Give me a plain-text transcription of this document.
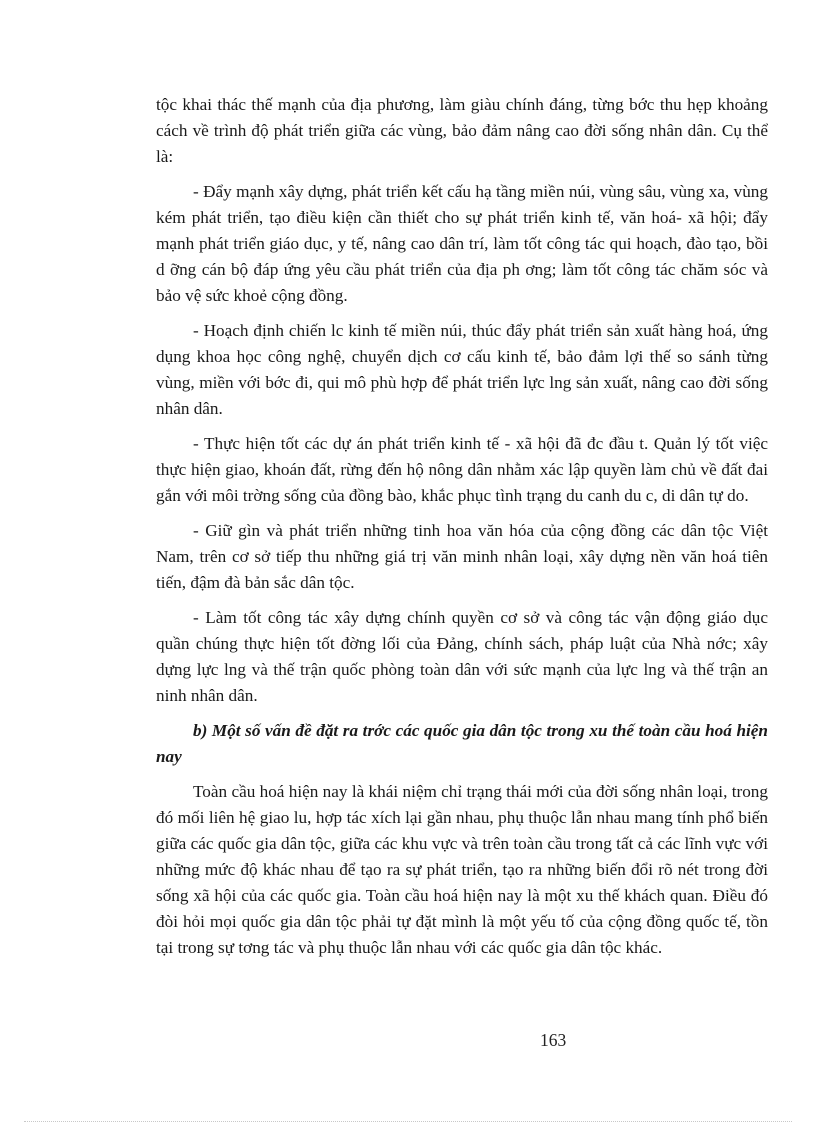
tộc khai thác thế mạnh của địa phương, làm giàu chính đáng, từng bớc thu hẹp khoảng cách về trình độ phát triển giữa các vùng, bảo đảm nâng cao đời sống nhân dân. Cụ thể là:

- Đẩy mạnh xây dựng, phát triển kết cấu hạ tầng miền núi, vùng sâu, vùng xa, vùng kém phát triển, tạo điều kiện cần thiết cho sự phát triển kinh tế, văn hoá- xã hội; đẩy mạnh phát triển giáo dục, y tế, nâng cao dân trí, làm tốt công tác qui hoạch, đào tạo, bồi d ỡng cán bộ đáp ứng yêu cầu phát triển của địa ph ơng; làm tốt công tác chăm sóc và bảo vệ sức khoẻ cộng đồng.

- Hoạch định chiến lc kinh tế miền núi, thúc đẩy phát triển sản xuất hàng hoá, ứng dụng khoa học công nghệ, chuyển dịch cơ cấu kinh tế, bảo đảm lợi thế so sánh từng vùng, miền với bớc đi, qui mô phù hợp để phát triển lực lng sản xuất, nâng cao đời sống nhân dân.

- Thực hiện tốt các dự án phát triển kinh tế - xã hội đã đc đầu t. Quản lý tốt việc thực hiện giao, khoán đất, rừng đến hộ nông dân nhằm xác lập quyền làm chủ về đất đai gắn với môi trờng sống của đồng bào, khắc phục tình trạng du canh du c, di dân tự do.

- Giữ gìn và phát triển những tinh hoa văn hóa của cộng đồng các dân tộc Việt Nam, trên cơ sở tiếp thu những giá trị văn minh nhân loại, xây dựng nền văn hoá tiên tiến, đậm đà bản sắc dân tộc.

- Làm tốt công tác xây dựng chính quyền cơ sở và công tác vận động giáo dục quần chúng thực hiện tốt đờng lối của Đảng, chính sách, pháp luật của Nhà nớc; xây dựng lực lng và thế trận quốc phòng toàn dân với sức mạnh của lực lng và thế trận an ninh nhân dân.

b) Một số vấn đề đặt ra trớc các quốc gia dân tộc trong xu thế toàn cầu hoá hiện nay

Toàn cầu hoá hiện nay là khái niệm chỉ trạng thái mới của đời sống nhân loại, trong đó mối liên hệ giao lu, hợp tác xích lại gần nhau, phụ thuộc lẫn nhau mang tính phổ biến giữa các quốc gia dân tộc, giữa các khu vực và trên toàn cầu trong tất cả các lĩnh vực với những mức độ khác nhau để tạo ra sự phát triển, tạo ra những biến đổi rõ nét trong đời sống xã hội của các quốc gia. Toàn cầu hoá hiện nay là một xu thế khách quan. Điều đó đòi hỏi mọi quốc gia dân tộc phải tự đặt mình là một yếu tố của cộng đồng quốc tế, tồn tại trong sự tơng tác và phụ thuộc lẫn nhau với các quốc gia dân tộc khác.

163
